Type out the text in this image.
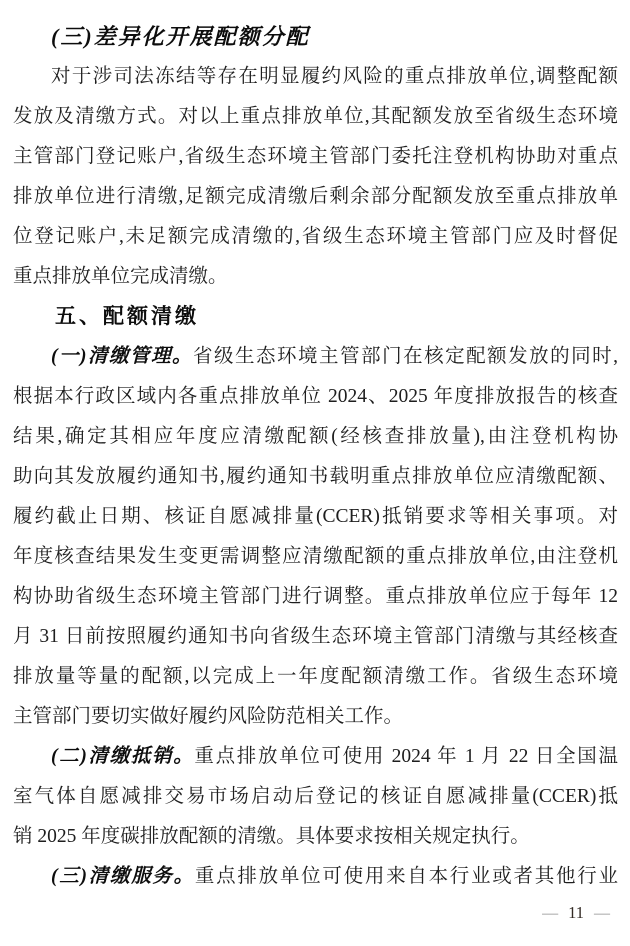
(三)差异化开展配额分配
对于涉司法冻结等存在明显履约风险的重点排放单位,调整配额
发放及清缴方式。对以上重点排放单位,其配额发放至省级生态环境
主管部门登记账户,省级生态环境主管部门委托注登机构协助对重点
排放单位进行清缴,足额完成清缴后剩余部分配额发放至重点排放单
位登记账户,未足额完成清缴的,省级生态环境主管部门应及时督促
重点排放单位完成清缴。
五、配额清缴
(一)清缴管理。省级生态环境主管部门在核定配额发放的同时,
根据本行政区域内各重点排放单位 2024、2025 年度排放报告的核查
结果,确定其相应年度应清缴配额(经核查排放量),由注登机构协
助向其发放履约通知书,履约通知书载明重点排放单位应清缴配额、
履约截止日期、核证自愿减排量(CCER)抵销要求等相关事项。对
年度核查结果发生变更需调整应清缴配额的重点排放单位,由注登机
构协助省级生态环境主管部门进行调整。重点排放单位应于每年 12
月 31 日前按照履约通知书向省级生态环境主管部门清缴与其经核查
排放量等量的配额,以完成上一年度配额清缴工作。省级生态环境
主管部门要切实做好履约风险防范相关工作。
(二)清缴抵销。重点排放单位可使用 2024 年 1 月 22 日全国温
室气体自愿减排交易市场启动后登记的核证自愿减排量(CCER)抵
销 2025 年度碳排放配额的清缴。具体要求按相关规定执行。
(三)清缴服务。重点排放单位可使用来自本行业或者其他行业
— 11 —
